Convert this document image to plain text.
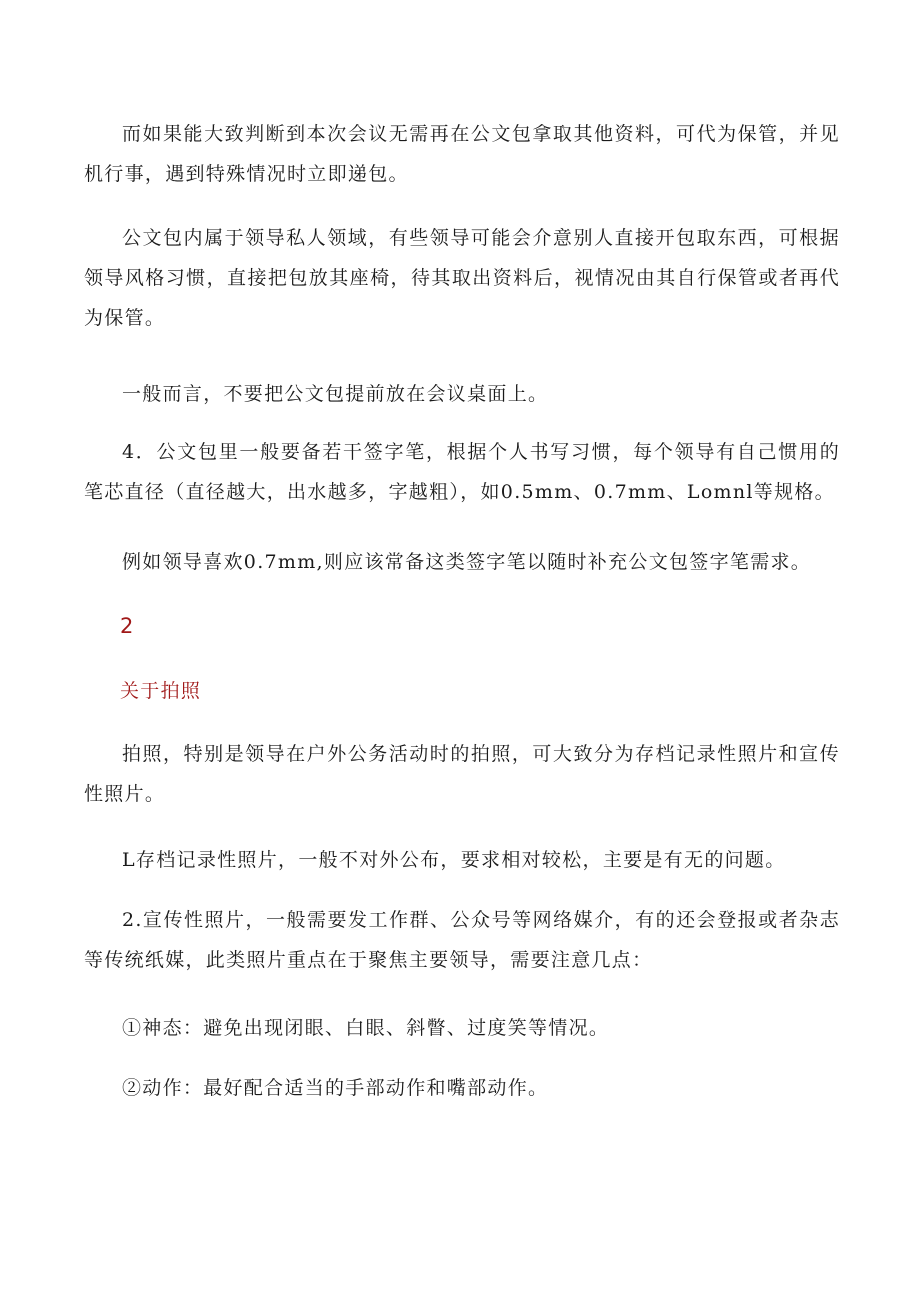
而如果能大致判断到本次会议无需再在公文包拿取其他资料，可代为保管，并见机行事，遇到特殊情况时立即递包。

公文包内属于领导私人领域，有些领导可能会介意别人直接开包取东西，可根据领导风格习惯，直接把包放其座椅，待其取出资料后，视情况由其自行保管或者再代为保管。

一般而言，不要把公文包提前放在会议桌面上。

4．公文包里一般要备若干签字笔，根据个人书写习惯，每个领导有自己惯用的笔芯直径（直径越大，出水越多，字越粗），如0.5mm、0.7mm、Lomnl等规格。

例如领导喜欢0.7mm,则应该常备这类签字笔以随时补充公文包签字笔需求。

2
关于拍照

拍照，特别是领导在户外公务活动时的拍照，可大致分为存档记录性照片和宣传性照片。

L存档记录性照片，一般不对外公布，要求相对较松，主要是有无的问题。

2.宣传性照片，一般需要发工作群、公众号等网络媒介，有的还会登报或者杂志等传统纸媒，此类照片重点在于聚焦主要领导，需要注意几点：

①神态：避免出现闭眼、白眼、斜瞥、过度笑等情况。

②动作：最好配合适当的手部动作和嘴部动作。
